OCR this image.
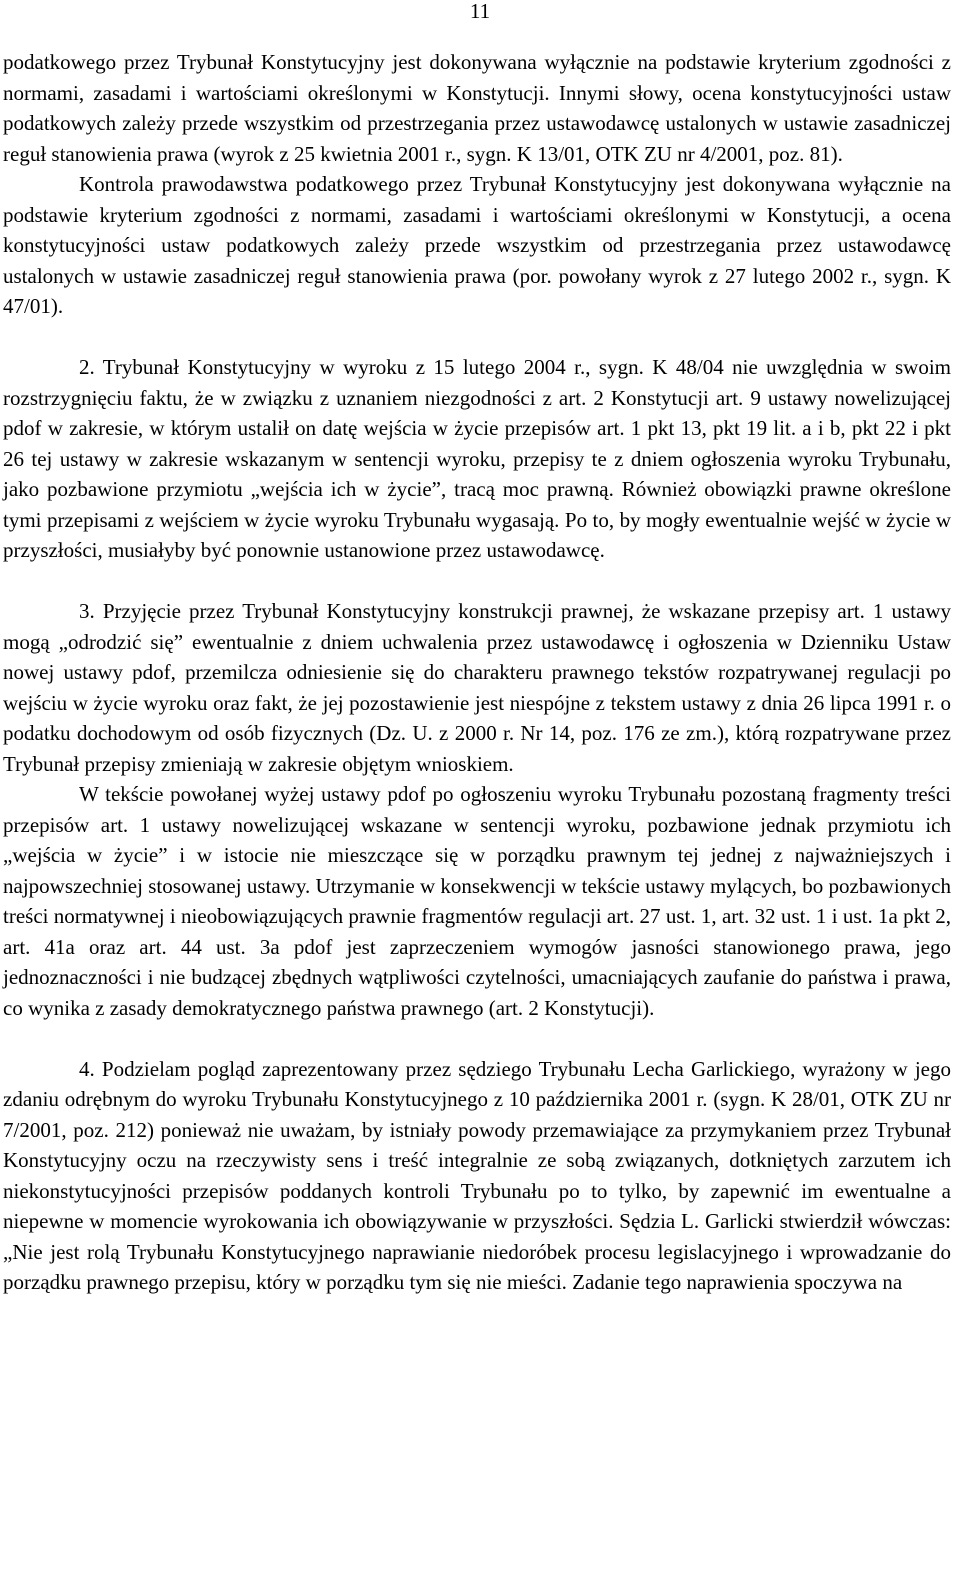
11

podatkowego przez Trybunał Konstytucyjny jest dokonywana wyłącznie na podstawie kryterium zgodności z normami, zasadami i wartościami określonymi w Konstytucji. Innymi słowy, ocena konstytucyjności ustaw podatkowych zależy przede wszystkim od przestrzegania przez ustawodawcę ustalonych w ustawie zasadniczej reguł stanowienia prawa (wyrok z 25 kwietnia 2001 r., sygn. K 13/01, OTK ZU nr 4/2001, poz. 81).

Kontrola prawodawstwa podatkowego przez Trybunał Konstytucyjny jest dokonywana wyłącznie na podstawie kryterium zgodności z normami, zasadami i wartościami określonymi w Konstytucji, a ocena konstytucyjności ustaw podatkowych zależy przede wszystkim od przestrzegania przez ustawodawcę ustalonych w ustawie zasadniczej reguł stanowienia prawa (por. powołany wyrok z 27 lutego 2002 r., sygn. K 47/01).

2. Trybunał Konstytucyjny w wyroku z 15 lutego 2004 r., sygn. K 48/04 nie uwzględnia w swoim rozstrzygnięciu faktu, że w związku z uznaniem niezgodności z art. 2 Konstytucji art. 9 ustawy nowelizującej pdof w zakresie, w którym ustalił on datę wejścia w życie przepisów art. 1 pkt 13, pkt 19 lit. a i b, pkt 22 i pkt 26 tej ustawy w zakresie wskazanym w sentencji wyroku, przepisy te z dniem ogłoszenia wyroku Trybunału, jako pozbawione przymiotu „wejścia ich w życie”, tracą moc prawną. Również obowiązki prawne określone tymi przepisami z wejściem w życie wyroku Trybunału wygasają. Po to, by mogły ewentualnie wejść w życie w przyszłości, musiałyby być ponownie ustanowione przez ustawodawcę.

3. Przyjęcie przez Trybunał Konstytucyjny konstrukcji prawnej, że wskazane przepisy art. 1 ustawy mogą „odrodzić się” ewentualnie z dniem uchwalenia przez ustawodawcę i ogłoszenia w Dzienniku Ustaw nowej ustawy pdof, przemilcza odniesienie się do charakteru prawnego tekstów rozpatrywanej regulacji po wejściu w życie wyroku oraz fakt, że jej pozostawienie jest niespójne z tekstem ustawy z dnia 26 lipca 1991 r. o podatku dochodowym od osób fizycznych (Dz. U. z 2000 r. Nr 14, poz. 176 ze zm.), którą rozpatrywane przez Trybunał przepisy zmieniają w zakresie objętym wnioskiem.

W tekście powołanej wyżej ustawy pdof po ogłoszeniu wyroku Trybunału pozostaną fragmenty treści przepisów art. 1 ustawy nowelizującej wskazane w sentencji wyroku, pozbawione jednak przymiotu ich „wejścia w życie” i w istocie nie mieszczące się w porządku prawnym tej jednej z najważniejszych i najpowszechniej stosowanej ustawy. Utrzymanie w konsekwencji w tekście ustawy mylących, bo pozbawionych treści normatywnej i nieobowiązujących prawnie fragmentów regulacji art. 27 ust. 1, art. 32 ust. 1 i ust. 1a pkt 2, art. 41a oraz art. 44 ust. 3a pdof jest zaprzeczeniem wymogów jasności stanowionego prawa, jego jednoznaczności i nie budzącej zbędnych wątpliwości czytelności, umacniających zaufanie do państwa i prawa, co wynika z zasady demokratycznego państwa prawnego (art. 2 Konstytucji).

4. Podzielam pogląd zaprezentowany przez sędziego Trybunału Lecha Garlickiego, wyrażony w jego zdaniu odrębnym do wyroku Trybunału Konstytucyjnego z 10 października 2001 r. (sygn. K 28/01, OTK ZU nr 7/2001, poz. 212) ponieważ nie uważam, by istniały powody przemawiające za przymykaniem przez Trybunał Konstytucyjny oczu na rzeczywisty sens i treść integralnie ze sobą związanych, dotkniętych zarzutem ich niekonstytucyjności przepisów poddanych kontroli Trybunału po to tylko, by zapewnić im ewentualne a niepewne w momencie wyrokowania ich obowiązywanie w przyszłości. Sędzia L. Garlicki stwierdził wówczas: „Nie jest rolą Trybunału Konstytucyjnego naprawianie niedoróbek procesu legislacyjnego i wprowadzanie do porządku prawnego przepisu, który w porządku tym się nie mieści. Zadanie tego naprawienia spoczywa na
